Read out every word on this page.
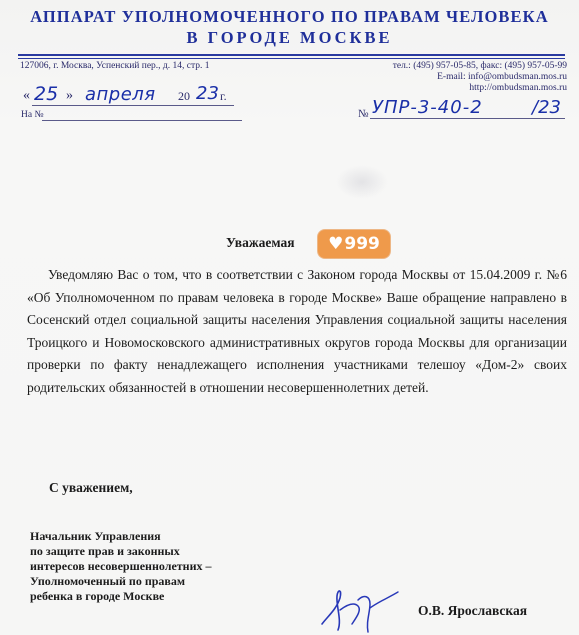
АППАРАТ УПОЛНОМОЧЕННОГО ПО ПРАВАМ ЧЕЛОВЕКА
В ГОРОДЕ МОСКВЕ
127006, г. Москва, Успенский пер., д. 14, стр. 1	тел.: (495) 957-05-85, факс: (495) 957-05-99
E-mail: info@ombudsman.mos.ru
http://ombudsman.mos.ru
« 25 » апреля 20 23 г.
На №	№ УПР-3-40-2	/23
Уважаемая	♥999
Уведомляю Вас о том, что в соответствии с Законом города Москвы от 15.04.2009 г. №6 «Об Уполномоченном по правам человека в городе Москве» Ваше обращение направлено в Сосенский отдел социальной защиты населения Управления социальной защиты населения Троицкого и Новомосковского административных округов города Москвы для организации проверки по факту ненадлежащего исполнения участниками телешоу «Дом-2» своих родительских обязанностей в отношении несовершеннолетних детей.
С уважением,
Начальник Управления
по защите прав и законных
интересов несовершеннолетних –
Уполномоченный по правам
ребенка в городе Москве
О.В. Ярославская
